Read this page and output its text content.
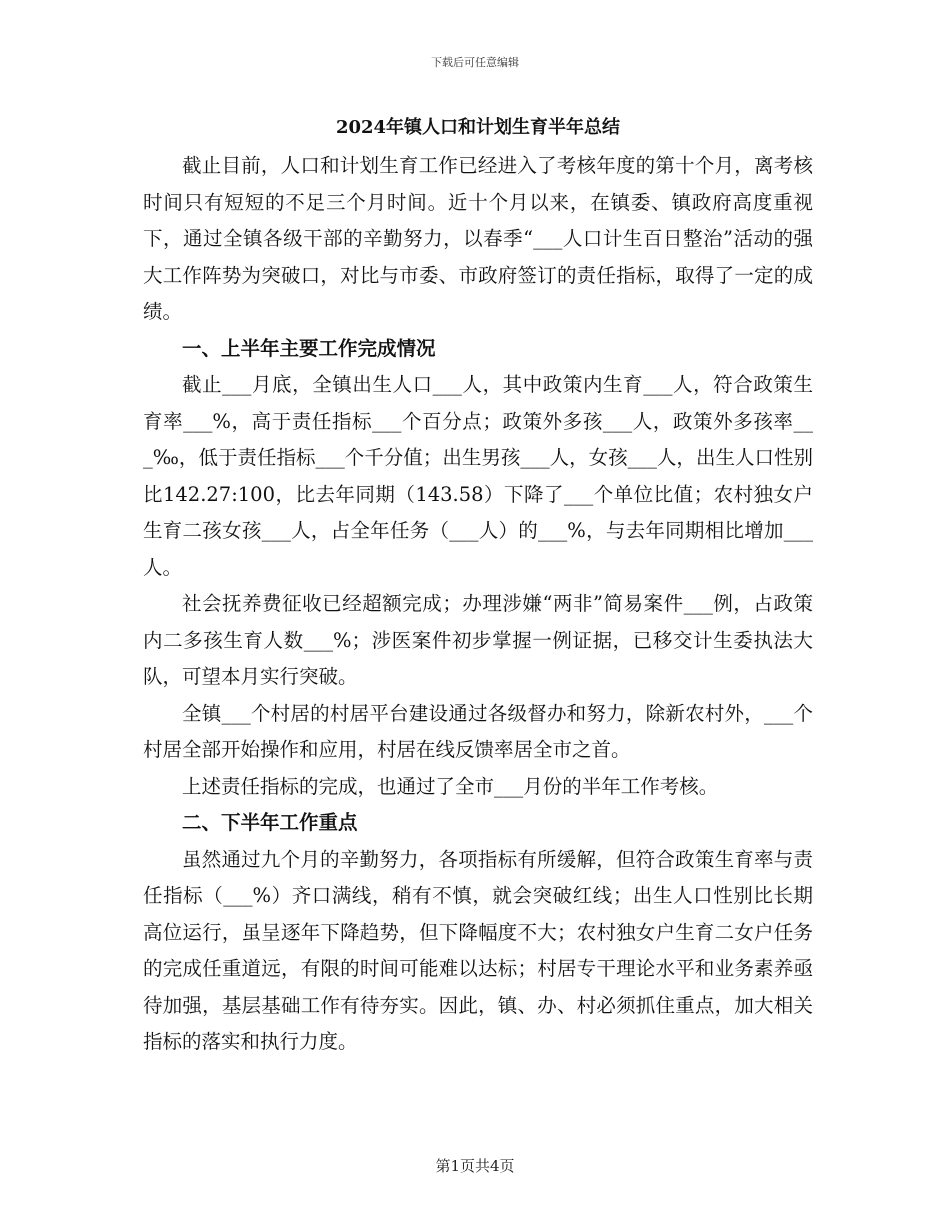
下载后可任意编辑
2024年镇人口和计划生育半年总结

截止目前，人口和计划生育工作已经进入了考核年度的第十个月，离考核时间只有短短的不足三个月时间。近十个月以来，在镇委、镇政府高度重视下，通过全镇各级干部的辛勤努力，以春季“___人口计生百日整治”活动的强大工作阵势为突破口，对比与市委、市政府签订的责任指标，取得了一定的成绩。

一、上半年主要工作完成情况

截止___月底，全镇出生人口___人，其中政策内生育___人，符合政策生育率___%，高于责任指标___个百分点；政策外多孩___人，政策外多孩率___‰，低于责任指标___个千分值；出生男孩___人，女孩___人，出生人口性别比142.27:100，比去年同期（143.58）下降了___个单位比值；农村独女户生育二孩女孩___人，占全年任务（___人）的___%，与去年同期相比增加___人。

社会抚养费征收已经超额完成；办理涉嫌“两非”简易案件___例，占政策内二多孩生育人数___%；涉医案件初步掌握一例证据，已移交计生委执法大队，可望本月实行突破。

全镇___个村居的村居平台建设通过各级督办和努力，除新农村外，___个村居全部开始操作和应用，村居在线反馈率居全市之首。

上述责任指标的完成，也通过了全市___月份的半年工作考核。

二、下半年工作重点

虽然通过九个月的辛勤努力，各项指标有所缓解，但符合政策生育率与责任指标（___%）齐口满线，稍有不慎，就会突破红线；出生人口性别比长期高位运行，虽呈逐年下降趋势，但下降幅度不大；农村独女户生育二女户任务的完成任重道远，有限的时间可能难以达标；村居专干理论水平和业务素养亟待加强，基层基础工作有待夯实。因此，镇、办、村必须抓住重点，加大相关指标的落实和执行力度。

第1页共4页
